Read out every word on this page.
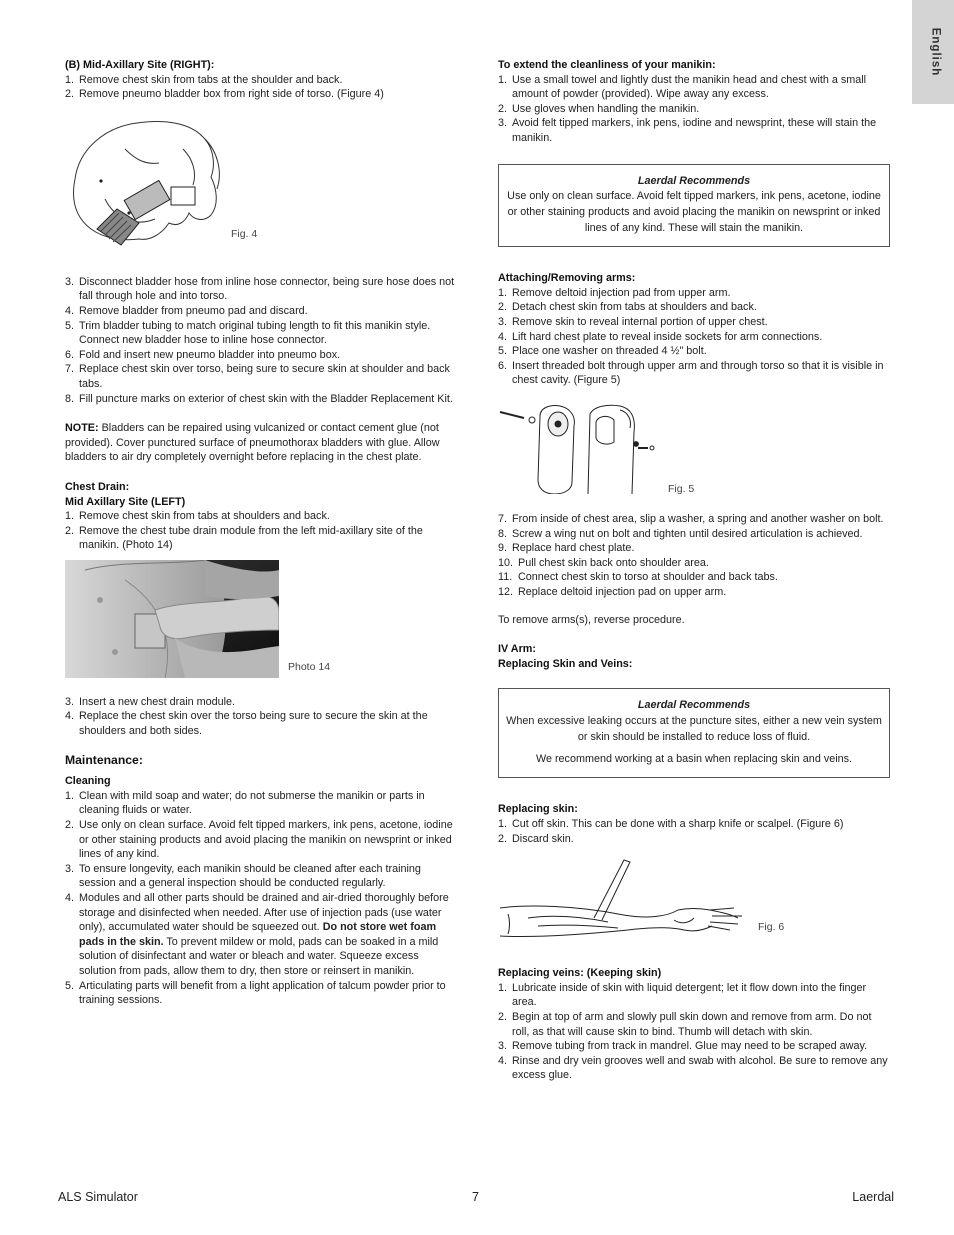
English
(B) Mid-Axillary Site (RIGHT):
1. Remove chest skin from tabs at the shoulder and back.
2. Remove pneumo bladder box from right side of torso. (Figure 4)
Fig. 4
3. Disconnect bladder hose from inline hose connector, being sure hose does not fall through hole and into torso.
4. Remove bladder from pneumo pad and discard.
5. Trim bladder tubing to match original tubing length to fit this manikin style. Connect new bladder hose to inline hose connector.
6. Fold and insert new pneumo bladder into pneumo box.
7. Replace chest skin over torso, being sure to secure skin at shoulder and back tabs.
8. Fill puncture marks on exterior of chest skin with the Bladder Replacement Kit.
NOTE: Bladders can be repaired using vulcanized or contact cement glue (not provided). Cover punctured surface of pneumothorax bladders with glue. Allow bladders to air dry completely overnight before replacing in the chest plate.
Chest Drain:
Mid Axillary Site (LEFT)
1. Remove chest skin from tabs at shoulders and back.
2. Remove the chest tube drain module from the left mid-axillary site of the manikin. (Photo 14)
Photo 14
3. Insert a new chest drain module.
4. Replace the chest skin over the torso being sure to secure the skin at the shoulders and both sides.
Maintenance:
Cleaning
1. Clean with mild soap and water; do not submerse the manikin or parts in cleaning fluids or water.
2. Use only on clean surface. Avoid felt tipped markers, ink pens, acetone, iodine or other staining products and avoid placing the manikin on newsprint or inked lines of any kind.
3. To ensure longevity, each manikin should be cleaned after each training session and a general inspection should be conducted regularly.
4. Modules and all other parts should be drained and air-dried thoroughly before storage and disinfected when needed. After use of injection pads (use water only), accumulated water should be squeezed out. Do not store wet foam pads in the skin. To prevent mildew or mold, pads can be soaked in a mild solution of disinfectant and water or bleach and water. Squeeze excess solution from pads, allow them to dry, then store or reinsert in manikin.
5. Articulating parts will benefit from a light application of talcum powder prior to training sessions.
To extend the cleanliness of your manikin:
1. Use a small towel and lightly dust the manikin head and chest with a small amount of powder (provided). Wipe away any excess.
2. Use gloves when handling the manikin.
3. Avoid felt tipped markers, ink pens, iodine and newsprint, these will stain the manikin.
Laerdal Recommends
Use only on clean surface. Avoid felt tipped markers, ink pens, acetone, iodine or other staining products and avoid placing the manikin on newsprint or inked lines of any kind. These will stain the manikin.
Attaching/Removing arms:
1. Remove deltoid injection pad from upper arm.
2. Detach chest skin from tabs at shoulders and back.
3. Remove skin to reveal internal portion of upper chest.
4. Lift hard chest plate to reveal inside sockets for arm connections.
5. Place one washer on threaded 4 ½" bolt.
6. Insert threaded bolt through upper arm and through torso so that it is visible in chest cavity. (Figure 5)
Fig. 5
7. From inside of chest area, slip a washer, a spring and another washer on bolt.
8. Screw a wing nut on bolt and tighten until desired articulation is achieved.
9. Replace hard chest plate.
10. Pull chest skin back onto shoulder area.
11. Connect chest skin to torso at shoulder and back tabs.
12. Replace deltoid injection pad on upper arm.
To remove arms(s), reverse procedure.
IV Arm:
Replacing Skin and Veins:
Laerdal Recommends
When excessive leaking occurs at the puncture sites, either a new vein system or skin should be installed to reduce loss of fluid.
We recommend working at a basin when replacing skin and veins.
Replacing skin:
1. Cut off skin. This can be done with a sharp knife or scalpel. (Figure 6)
2. Discard skin.
Fig. 6
Replacing veins: (Keeping skin)
1. Lubricate inside of skin with liquid detergent; let it flow down into the finger area.
2. Begin at top of arm and slowly pull skin down and remove from arm. Do not roll, as that will cause skin to bind. Thumb will detach with skin.
3. Remove tubing from track in mandrel. Glue may need to be scraped away.
4. Rinse and dry vein grooves well and swab with alcohol. Be sure to remove any excess glue.
ALS Simulator	7	Laerdal
